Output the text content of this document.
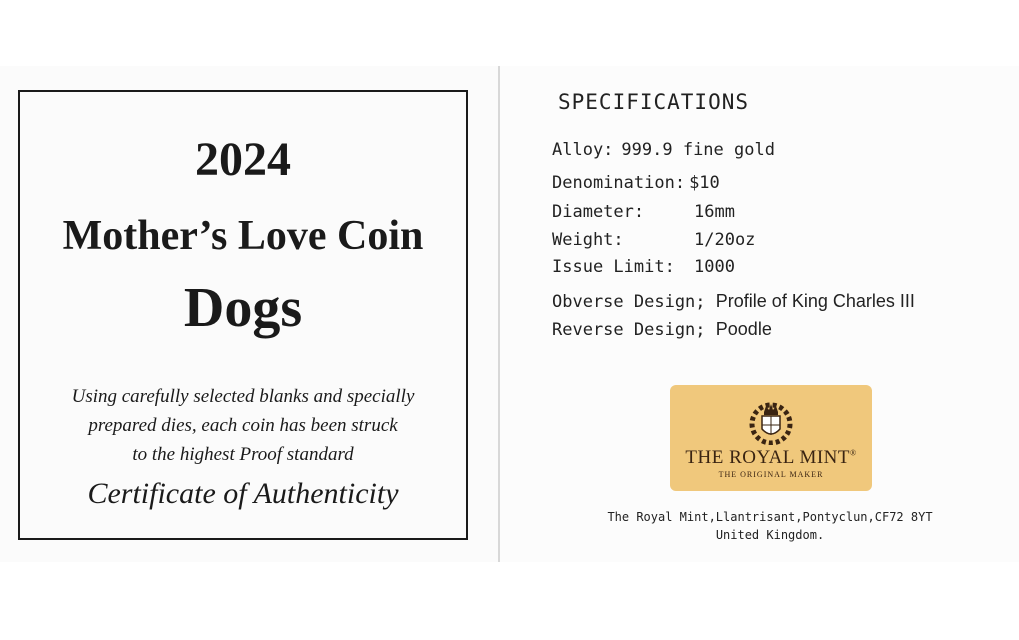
2024
Mother’s Love Coin
Dogs
Using carefully selected blanks and specially
prepared dies, each coin has been struck
to the highest Proof standard
Certificate of Authenticity
SPECIFICATIONS
Alloy: 999.9 fine gold
Denomination: $10
Diameter:	16mm
Weight:	1/20oz
Issue Limit: 1000
Obverse Design; Profile of King Charles III
Reverse Design; Poodle
THE ROYAL MINT®
THE ORIGINAL MAKER
The Royal Mint,Llantrisant,Pontyclun,CF72 8YT
United Kingdom.
